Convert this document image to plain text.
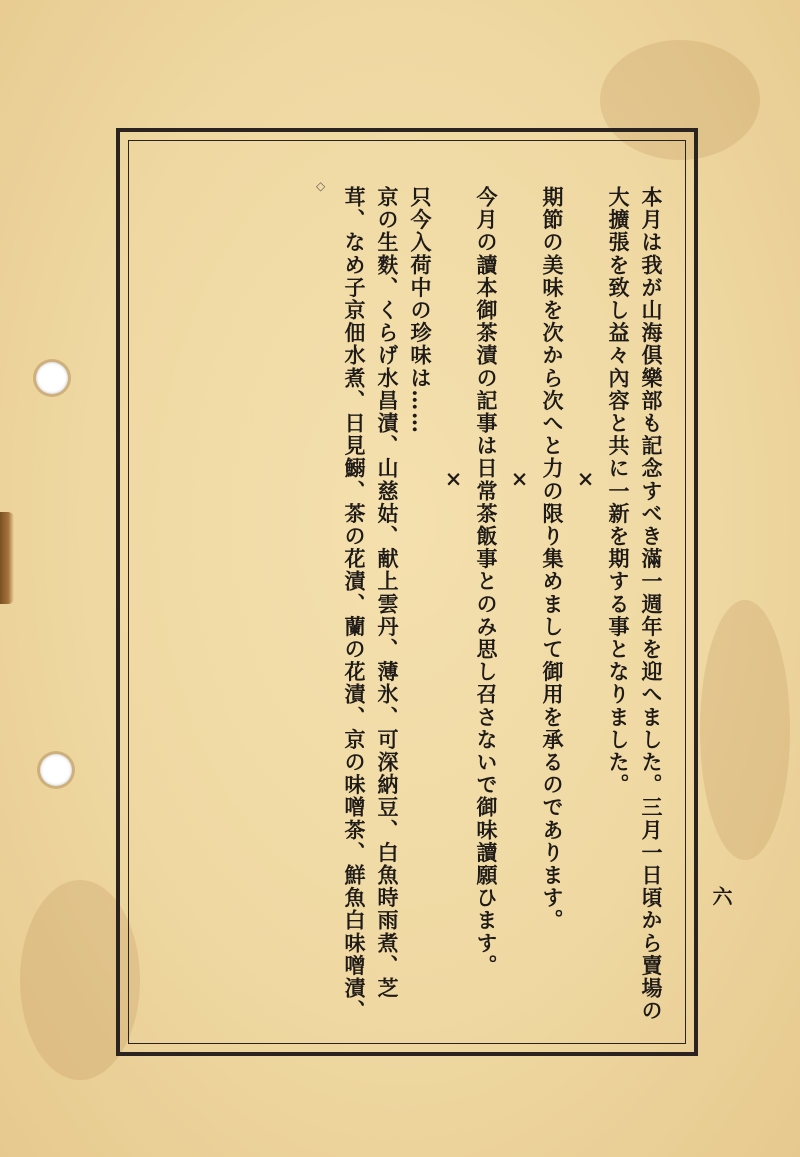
◇	本月は我が山海倶樂部も記念すべき滿一週年を迎へました。三月一日頃から賣場の大擴張を致し益々內容と共に一新を期する事となりました。

×

期節の美味を次から次へと力の限り集めまして御用を承るのであります。

×

今月の讀本御茶漬の記事は日常茶飯事とのみ思し召さないで御味讀願ひます。

×

只今入荷中の珍味は……

京の生麩、くらげ水昌漬、山慈姑、献上雲丹、薄氷、可深納豆、白魚時雨煮、芝茸、なめ子京佃水煮、日見鰯、茶の花漬、蘭の花漬、京の味噌茶、鮮魚白味噌漬、	六
